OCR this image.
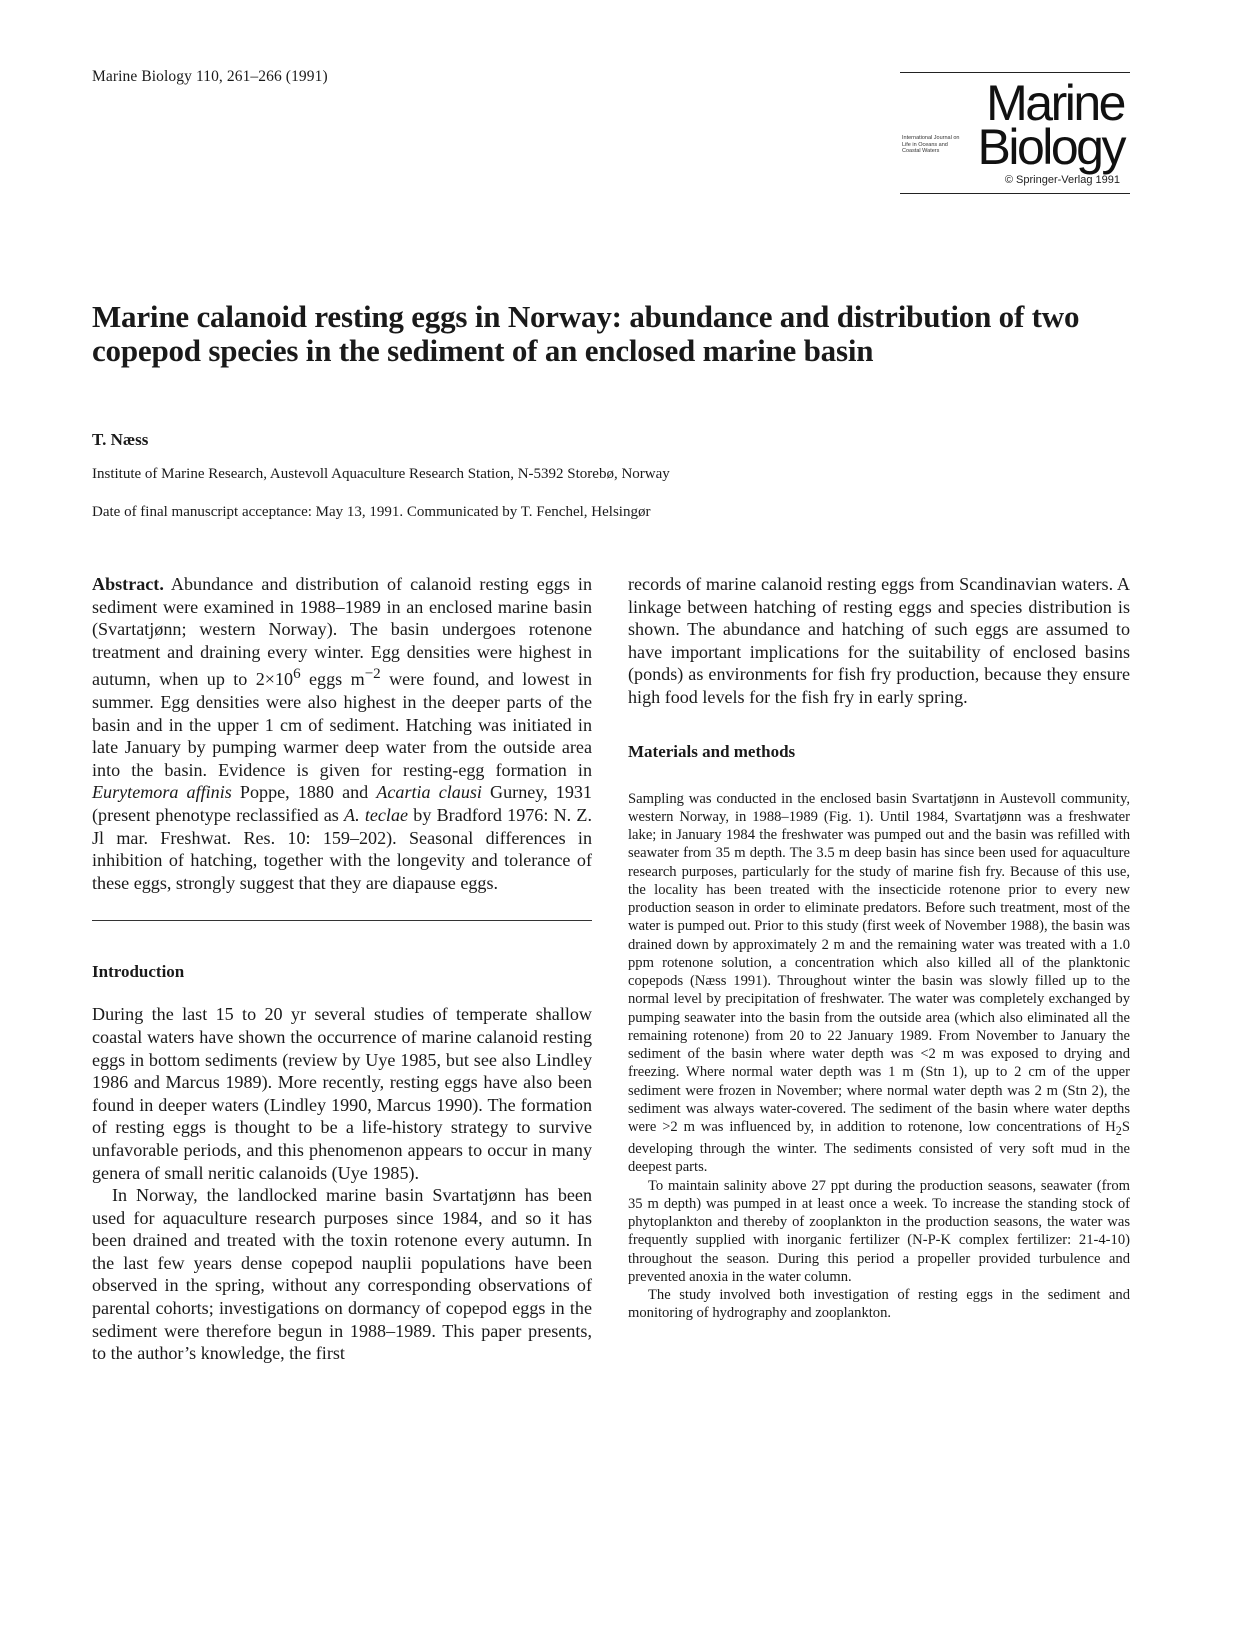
Marine Biology 110, 261–266 (1991)	Marine
International Journal on Life in Oceans and Coastal Waters Biology
© Springer-Verlag 1991
Marine calanoid resting eggs in Norway: abundance and distribution of two copepod species in the sediment of an enclosed marine basin
T. Næss
Institute of Marine Research, Austevoll Aquaculture Research Station, N-5392 Storebø, Norway
Date of final manuscript acceptance: May 13, 1991. Communicated by T. Fenchel, Helsingør

Abstract. Abundance and distribution of calanoid resting eggs in sediment were examined in 1988–1989 in an enclosed marine basin (Svartatjønn; western Norway). The basin undergoes rotenone treatment and draining every winter. Egg densities were highest in autumn, when up to $2\times 10^6$ eggs $m^{-2}$ were found, and lowest in summer. Egg densities were also highest in the deeper parts of the basin and in the upper 1 cm of sediment. Hatching was initiated in late January by pumping warmer deep water from the outside area into the basin. Evidence is given for resting-egg formation in Eurytemora affinis Poppe, 1880 and Acartia clausi Gurney, 1931 (present phenotype reclassified as A. teclae by Bradford 1976: N. Z. Jl mar. Freshwat. Res. 10: 159–202). Seasonal differences in inhibition of hatching, together with the longevity and tolerance of these eggs, strongly suggest that they are diapause eggs.

Introduction

During the last 15 to 20 yr several studies of temperate shallow coastal waters have shown the occurrence of marine calanoid resting eggs in bottom sediments (review by Uye 1985, but see also Lindley 1986 and Marcus 1989). More recently, resting eggs have also been found in deeper waters (Lindley 1990, Marcus 1990). The formation of resting eggs is thought to be a life-history strategy to survive unfavorable periods, and this phenomenon appears to occur in many genera of small neritic calanoids (Uye 1985).

In Norway, the landlocked marine basin Svartatjønn has been used for aquaculture research purposes since 1984, and so it has been drained and treated with the toxin rotenone every autumn. In the last few years dense copepod nauplii populations have been observed in the spring, without any corresponding observations of parental cohorts; investigations on dormancy of copepod eggs in the sediment were therefore begun in 1988–1989. This paper presents, to the author’s knowledge, the first

records of marine calanoid resting eggs from Scandinavian waters. A linkage between hatching of resting eggs and species distribution is shown. The abundance and hatching of such eggs are assumed to have important implications for the suitability of enclosed basins (ponds) as environments for fish fry production, because they ensure high food levels for the fish fry in early spring.

Materials and methods

Sampling was conducted in the enclosed basin Svartatjønn in Austevoll community, western Norway, in 1988–1989 (Fig. 1). Until 1984, Svartatjønn was a freshwater lake; in January 1984 the freshwater was pumped out and the basin was refilled with seawater from 35 m depth. The 3.5 m deep basin has since been used for aquaculture research purposes, particularly for the study of marine fish fry. Because of this use, the locality has been treated with the insecticide rotenone prior to every new production season in order to eliminate predators. Before such treatment, most of the water is pumped out. Prior to this study (first week of November 1988), the basin was drained down by approximately 2 m and the remaining water was treated with a 1.0 ppm rotenone solution, a concentration which also killed all of the planktonic copepods (Næss 1991). Throughout winter the basin was slowly filled up to the normal level by precipitation of freshwater. The water was completely exchanged by pumping seawater into the basin from the outside area (which also eliminated all the remaining rotenone) from 20 to 22 January 1989. From November to January the sediment of the basin where water depth was <2 m was exposed to drying and freezing. Where normal water depth was 1 m (Stn 1), up to 2 cm of the upper sediment were frozen in November; where normal water depth was 2 m (Stn 2), the sediment was always water-covered. The sediment of the basin where water depths were >2 m was influenced by, in addition to rotenone, low concentrations of $H_2S$ developing through the winter. The sediments consisted of very soft mud in the deepest parts.

To maintain salinity above 27 ppt during the production seasons, seawater (from 35 m depth) was pumped in at least once a week. To increase the standing stock of phytoplankton and thereby of zooplankton in the production seasons, the water was frequently supplied with inorganic fertilizer (N-P-K complex fertilizer: 21-4-10) throughout the season. During this period a propeller provided turbulence and prevented anoxia in the water column.

The study involved both investigation of resting eggs in the sediment and monitoring of hydrography and zooplankton.
